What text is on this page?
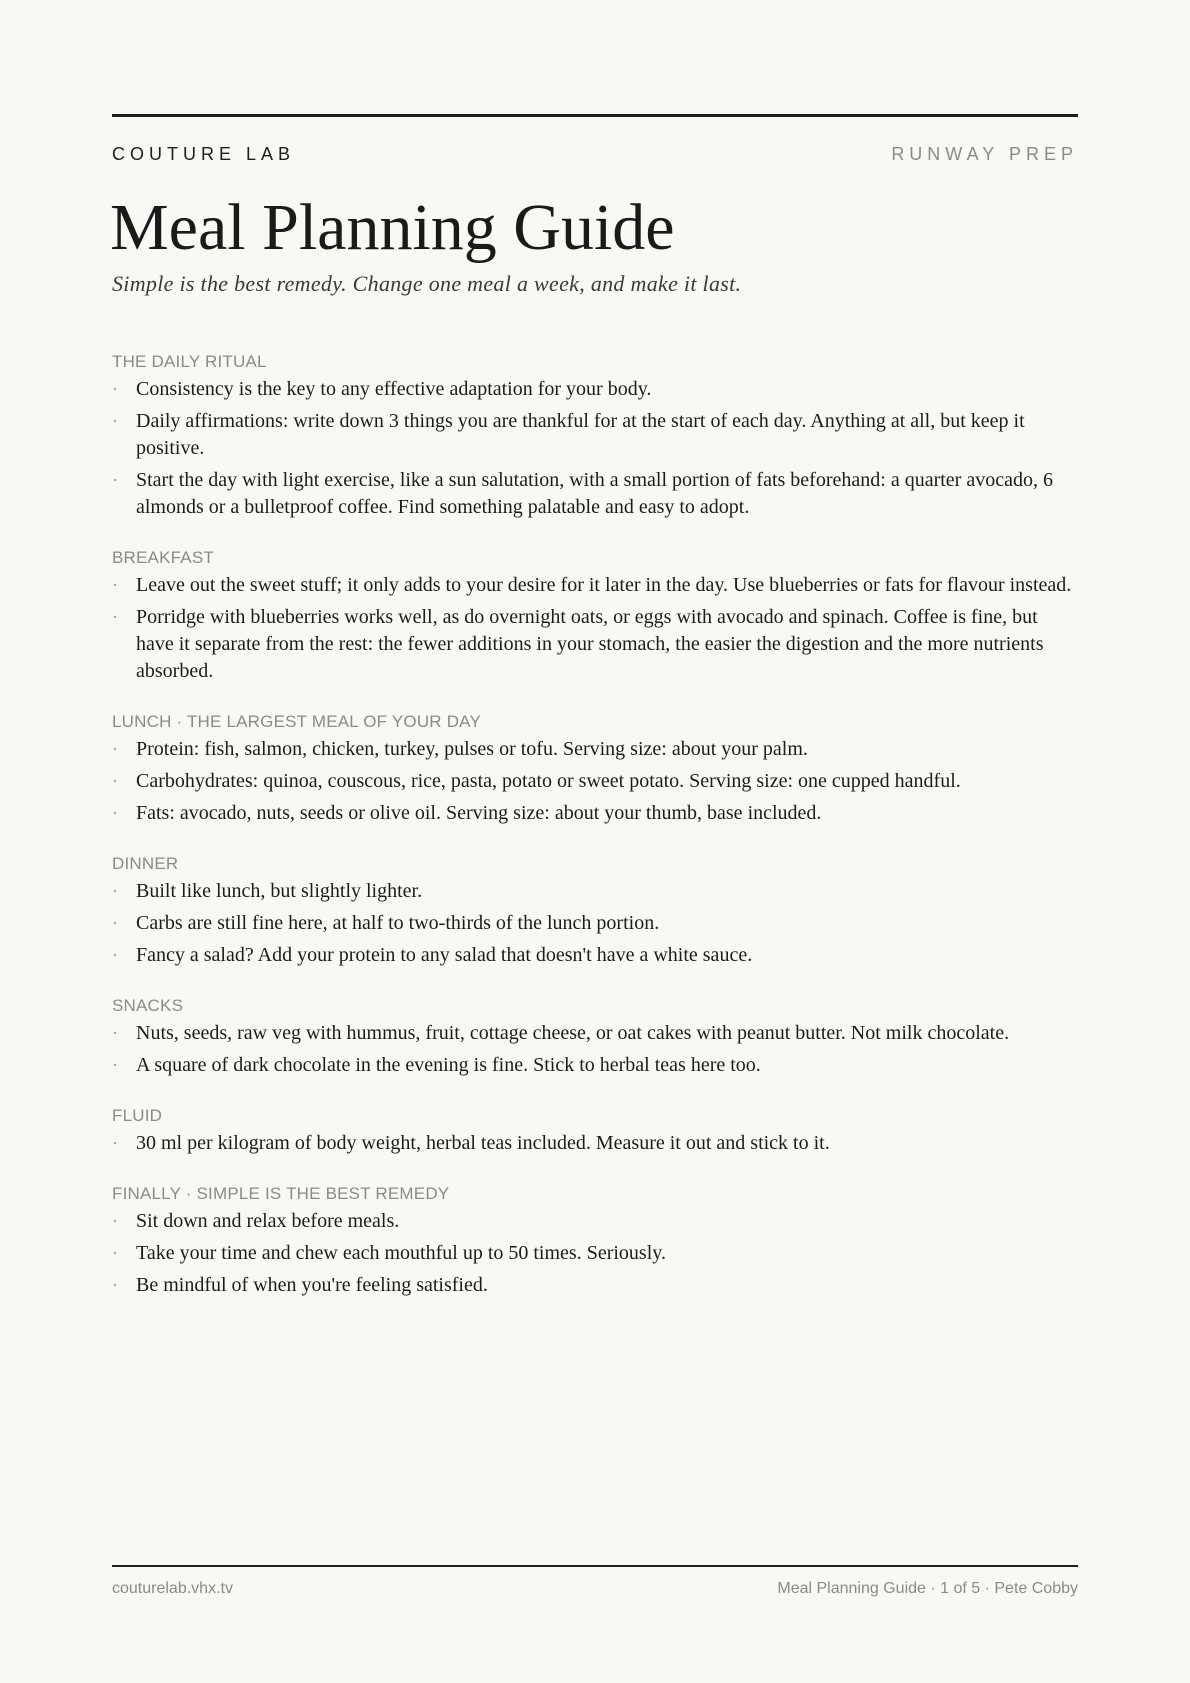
COUTURE LAB	RUNWAY PREP
Meal Planning Guide
Simple is the best remedy. Change one meal a week, and make it last.
THE DAILY RITUAL
· Consistency is the key to any effective adaptation for your body.
· Daily affirmations: write down 3 things you are thankful for at the start of each day. Anything at all, but keep it positive.
· Start the day with light exercise, like a sun salutation, with a small portion of fats beforehand: a quarter avocado, 6 almonds or a bulletproof coffee. Find something palatable and easy to adopt.
BREAKFAST
· Leave out the sweet stuff; it only adds to your desire for it later in the day. Use blueberries or fats for flavour instead.
· Porridge with blueberries works well, as do overnight oats, or eggs with avocado and spinach. Coffee is fine, but have it separate from the rest: the fewer additions in your stomach, the easier the digestion and the more nutrients absorbed.
LUNCH · THE LARGEST MEAL OF YOUR DAY
· Protein: fish, salmon, chicken, turkey, pulses or tofu. Serving size: about your palm.
· Carbohydrates: quinoa, couscous, rice, pasta, potato or sweet potato. Serving size: one cupped handful.
· Fats: avocado, nuts, seeds or olive oil. Serving size: about your thumb, base included.
DINNER
· Built like lunch, but slightly lighter.
· Carbs are still fine here, at half to two-thirds of the lunch portion.
· Fancy a salad? Add your protein to any salad that doesn't have a white sauce.
SNACKS
· Nuts, seeds, raw veg with hummus, fruit, cottage cheese, or oat cakes with peanut butter. Not milk chocolate.
· A square of dark chocolate in the evening is fine. Stick to herbal teas here too.
FLUID
· 30 ml per kilogram of body weight, herbal teas included. Measure it out and stick to it.
FINALLY · SIMPLE IS THE BEST REMEDY
· Sit down and relax before meals.
· Take your time and chew each mouthful up to 50 times. Seriously.
· Be mindful of when you're feeling satisfied.
couturelab.vhx.tv	Meal Planning Guide · 1 of 5 · Pete Cobby
